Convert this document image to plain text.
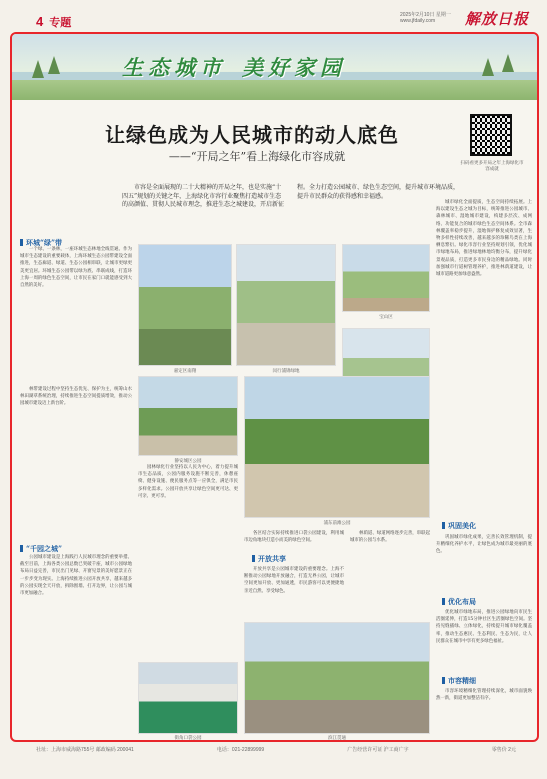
4 专题
2025年2月10日 星期一
www.jfdaily.com	解放日报
生态城市 美好家园
让绿色成为人民城市的动人底色
——“开局之年”看上海绿化市容成就	扫码看更多开局之年上海绿化市容成就
市容是全面展现的二十大精神的开局之年，也是实施“十四五”规划的关键之年，上海绿化市容行业聚焦打造城市生态的高颜值、贯彻人民城市理念，推进生态之城建设，开启新征程。全力打造公园城市、绿色生态空间，提升城市环境品质，提升市民群众的获得感和幸福感。
环城“绿”带

一个绿、一条林，一座环城生态林地全线贯通。作为城市生态建设的重要载体，上海环城生态公园带建设全面推进，生态廊道、绿道、生态公园相串联，让城市更绿更美更宜居。环城生态公园带以绿为底、串联成线，打造环上海一周的绿色生态空间，让市民在家门口就能感受到大自然的美好。

林带建设过程中坚持生态优先、保护为主，统筹山水林田湖草系统治理，持续推进生态空间提质增效，推动公园城市建设迈上新台阶。

“千园之城”

公园城市建设是上海践行人民城市理念的重要举措。截至目前，上海各类公园总数已突破千座，城市公园绿地布局日益完善，市民出门见绿、开窗见景的美好愿景正在一步步变为现实。上海持续推进公园开放共享，越来越多的公园实现全天开放，拆除围墙、打开边界，让公园与城市更加融合。

嘉定区南翔	闵行浦锦绿地
宝山区
静安城区公园
浦东前滩公园

园林绿化行业坚持以人民为中心，着力提升城市生态品质，公园内服务设施不断完善，休憩座椅、健身设施、便民服务点等一应俱全，满足市民多样化需求。公园开放共享让绿色空间更可达、更可亲、更可享。

街角口袋公园

各区结合实际持续推进口袋公园建设，利用城市边角地块打造小而美的绿色空间。

开放共享

开放共享是公园城市建设的重要理念。上海不断推动公园绿地开放融合，打造无界公园，让城市空间更加开放、更加通透，市民游客可以更便捷地亲近自然、享受绿色。

林荫道、绿道网络逐步完善，串联起城市的公园与水系。

滨江贯通

城市绿化全面提质，生态空间持续拓展。上海以建设生态之城为目标，统筹推进公园城市、森林城市、湿地城市建设，构建多层次、成网络、功能复合的城市绿色生态空间体系。全市森林覆盖率稳步提升，湿地保护修复成效显著，生物多样性持续改善，越来越多的珍稀鸟类在上海栖息繁衍。绿化市容行业坚持规划引领，优化城市绿地布局，推进绿地林地均衡分布，提升绿化景观品质，打造更多市民身边的精品绿地。同时加强城市行道树管理养护，推进林荫道建设，让城市道路更加绿意盎然。

巩固美化

巩固城市绿化成果，完善长效管理机制，提升精细化养护水平，让绿色成为城市最亮丽的底色。

优化布局

优化城市绿地布局，推进公园绿地向市民生活圈延伸，打造15分钟社区生活圈绿色空间。坚持见缝插绿、立体绿化，持续提升城市绿化覆盖率，推动生态惠民、生态利民、生态为民，让人民群众在城市中享有更多绿色福祉。

市容精细

市容环境精细化管理持续深化，城市面貌焕然一新，街道更加整洁有序。

社址：上海市威海路755号 邮政编码 200041	电话：021-22899999	广告经营许可证 沪工商广字	零售价 2元
